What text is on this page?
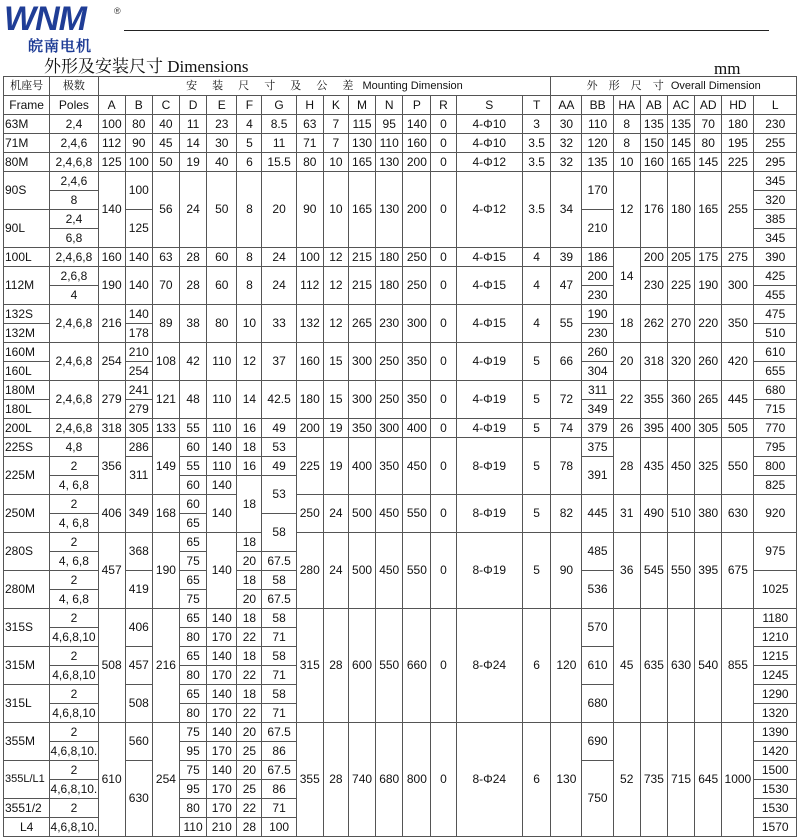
WNM	®
皖南电机
外形及安装尺寸 Dimensions	mm
机座号	极数	安 装 尺 寸 及 公 差 Mounting Dimension															外 形 尺 寸 Overall Dimension							
Frame	Poles	A	B	C	D	E	F	G	H	K	M	N	P	R	S	T	AA	BB	HA	AB	AC	AD	HD	L
63M	2,4	100	80	40	11	23	4	8.5	63	7	115	95	140	0	4-Φ10	3	30	110	8	135	135	70	180	230
71M	2,4,6	112	90	45	14	30	5	11	71	7	130	110	160	0	4-Φ10	3.5	32	120	8	150	145	80	195	255
80M	2,4,6,8	125	100	50	19	40	6	15.5	80	10	165	130	200	0	4-Φ12	3.5	32	135	10	160	165	145	225	295
90S	2,4,6	140	100	56	24	50	8	20	90	10	165	130	200	0	4-Φ12	3.5	34	170	12	176	180	165	255	345
	8																							320
90L	2,4		125															210						385
	6,8																							345
100L	2,4,6,8	160	140	63	28	60	8	24	100	12	215	180	250	0	4-Φ15	4	39	186	14	200	205	175	275	390
112M	2,6,8	190	140	70	28	60	8	24	112	12	215	180	250	0	4-Φ15	4	47	200		230	225	190	300	425
	4																	230						455
132S	2,4,6,8	216	140	89	38	80	10	33	132	12	265	230	300	0	4-Φ15	4	55	190	18	262	270	220	350	475
132M			178															230						510
160M	2,4,6,8	254	210	108	42	110	12	37	160	15	300	250	350	0	4-Φ19	5	66	260	20	318	320	260	420	610
160L			254															304						655
180M	2,4,6,8	279	241	121	48	110	14	42.5	180	15	300	250	350	0	4-Φ19	5	72	311	22	355	360	265	445	680
180L			279															349						715
200L	2,4,6,8	318	305	133	55	110	16	49	200	19	350	300	400	0	4-Φ19	5	74	379	26	395	400	305	505	770
225S	4,8	356	286	149	60	140	18	53	225	19	400	350	450	0	8-Φ19	5	78	375	28	435	450	325	550	795
225M	2		311		55	110	16	49										391						800
	4, 6,8				60	140	18	53																825
250M	2	406	349	168	60	140			250	24	500	450	550	0	8-Φ19	5	82	445	31	490	510	380	630	920
	4, 6,8				65			58																
280S	2	457	368	190	65	140	18		280	24	500	450	550	0	8-Φ19	5	90	485	36	545	550	395	675	975
	4, 6,8				75		20	67.5																
280M	2		419		65		18	58										536						1025
	4, 6,8				75		20	67.5																
315S	2	508	406	216	65	140	18	58	315	28	600	550	660	0	8-Φ24	6	120	570	45	635	630	540	855	1180
	4,6,8,10				80	170	22	71																1210
315M	2		457		65	140	18	58										610						1215
	4,6,8,10				80	170	22	71																1245
315L	2		508		65	140	18	58										680						1290
	4,6,8,10				80	170	22	71																1320
355M	2	610	560	254	75	140	20	67.5	355	28	740	680	800	0	8-Φ24	6	130	690	52	735	715	645	1000	1390
	4,6,8,10.				95	170	25	86																1420
355L/L1	2		630		75	140	20	67.5										750						1500
	4,6,8,10.				95	170	25	86																1530
3551/2	2				80	170	22	71																1530
L4	4,6,8,10.				110	210	28	100																1570
